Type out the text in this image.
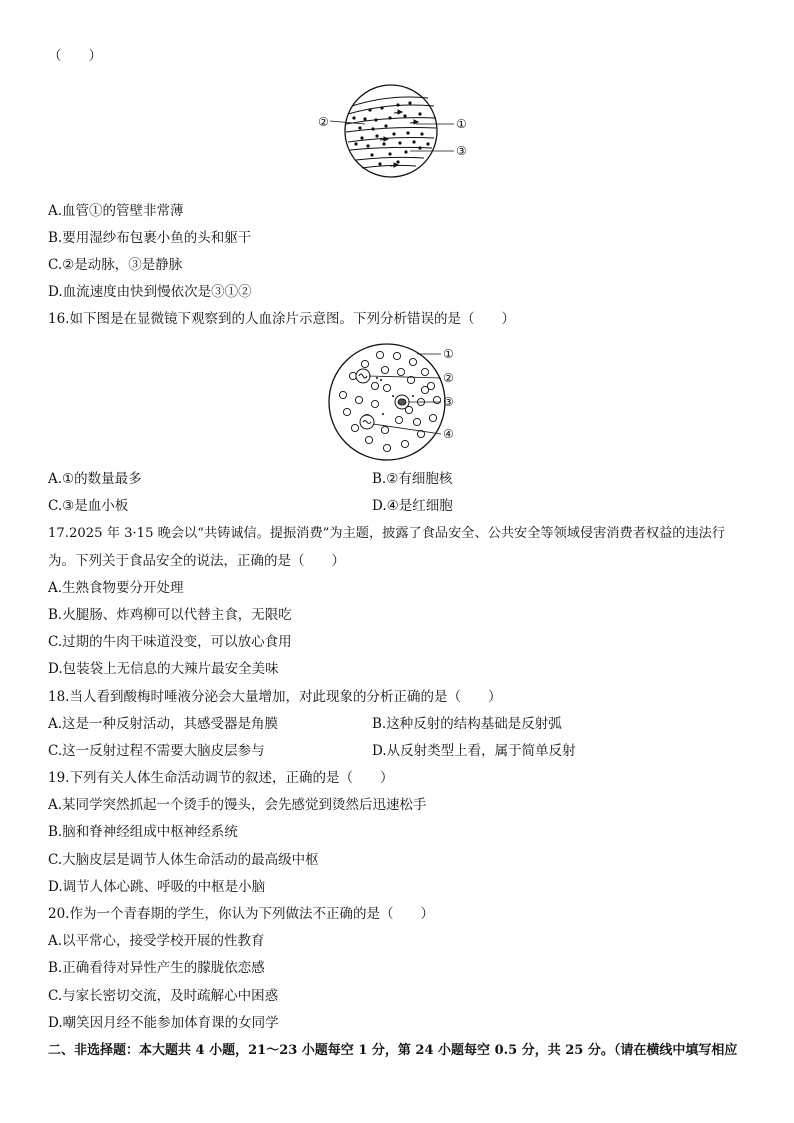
（　　）
②	①
③
A.血管①的管壁非常薄
B.要用湿纱布包裹小鱼的头和躯干
C.②是动脉，③是静脉
D.血流速度由快到慢依次是③①②
16.如下图是在显微镜下观察到的人血涂片示意图。下列分析错误的是（　　）
①
②
③
④
A.①的数量最多	B.②有细胞核
C.③是血小板	D.④是红细胞
17.2025 年 3·15 晚会以“共铸诚信。提振消费”为主题，披露了食品安全、公共安全等领域侵害消费者权益的违法行
为。下列关于食品安全的说法，正确的是（　　）
A.生熟食物要分开处理
B.火腿肠、炸鸡柳可以代替主食，无限吃
C.过期的牛肉干味道没变，可以放心食用
D.包装袋上无信息的大辣片最安全美味
18.当人看到酸梅时唾液分泌会大量增加，对此现象的分析正确的是（　　）
A.这是一种反射活动，其感受器是角膜	B.这种反射的结构基础是反射弧
C.这一反射过程不需要大脑皮层参与	D.从反射类型上看，属于简单反射
19.下列有关人体生命活动调节的叙述，正确的是（　　）
A.某同学突然抓起一个烫手的馒头，会先感觉到烫然后迅速松手
B.脑和脊神经组成中枢神经系统
C.大脑皮层是调节人体生命活动的最高级中枢
D.调节人体心跳、呼吸的中枢是小脑
20.作为一个青春期的学生，你认为下列做法不正确的是（　　）
A.以平常心，接受学校开展的性教育
B.正确看待对异性产生的朦胧依恋感
C.与家长密切交流，及时疏解心中困惑
D.嘲笑因月经不能参加体育课的女同学
二、非选择题：本大题共 4 小题，21～23 小题每空 1 分，第 24 小题每空 0.5 分，共 25 分。（请在横线中填写相应
